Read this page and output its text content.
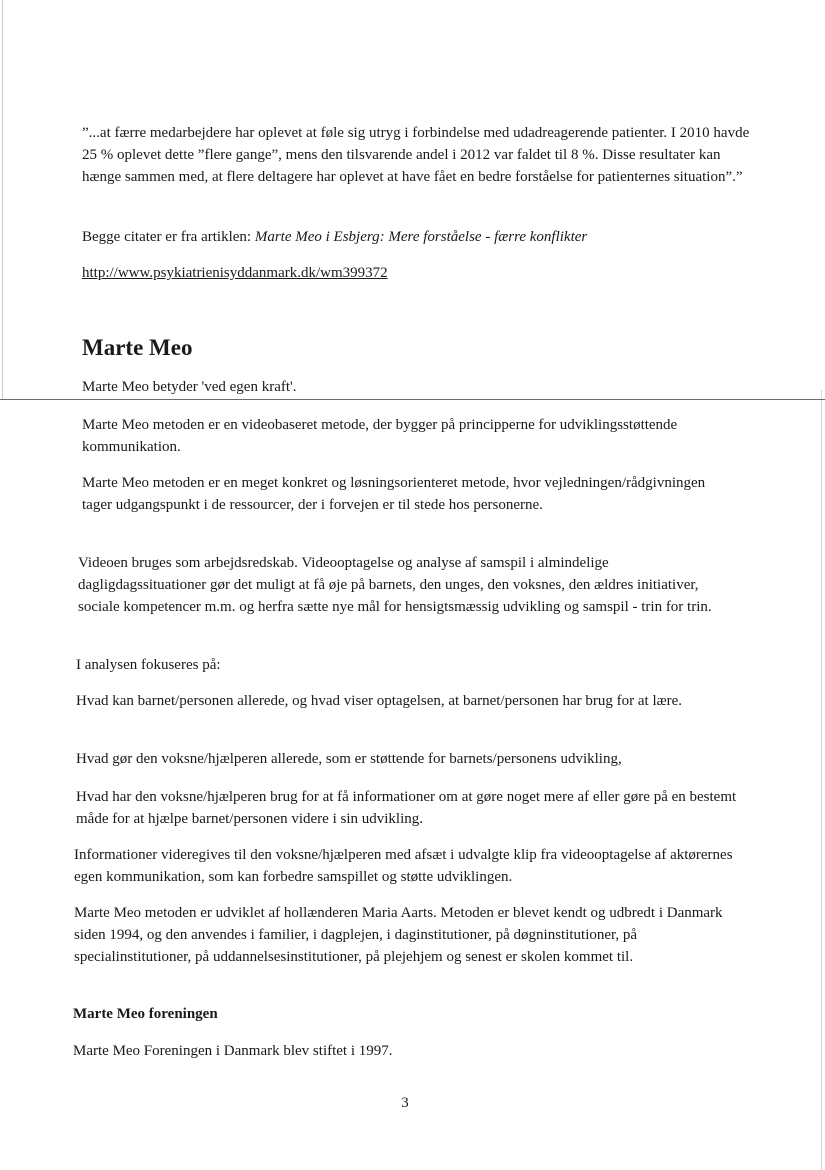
”...at færre medarbejdere har oplevet at føle sig utryg i forbindelse med udadreagerende patienter. I 2010 havde 25 % oplevet dette ”flere gange”, mens den tilsvarende andel i 2012 var faldet til 8 %. Disse resultater kan hænge sammen med, at flere deltagere har oplevet at have fået en bedre forståelse for patienternes situation”.”

Begge citater er fra artiklen: Marte Meo i Esbjerg: Mere forståelse - færre konflikter

http://www.psykiatrienisyddanmark.dk/wm399372

Marte Meo

Marte Meo betyder 'ved egen kraft'.

Marte Meo metoden er en videobaseret metode, der bygger på principperne for udviklingsstøttende kommunikation.

Marte Meo metoden er en meget konkret og løsningsorienteret metode, hvor vejledningen/rådgivningen tager udgangspunkt i de ressourcer, der i forvejen er til stede hos personerne.

Videoen bruges som arbejdsredskab. Videooptagelse og analyse af samspil i almindelige dagligdagssituationer gør det muligt at få øje på barnets, den unges, den voksnes, den ældres initiativer, sociale kompetencer m.m. og herfra sætte nye mål for hensigtsmæssig udvikling og samspil - trin for trin.

I analysen fokuseres på:

Hvad kan barnet/personen allerede, og hvad viser optagelsen, at barnet/personen har brug for at lære.

Hvad gør den voksne/hjælperen allerede, som er støttende for barnets/personens udvikling,

Hvad har den voksne/hjælperen brug for at få informationer om at gøre noget mere af eller gøre på en bestemt måde for at hjælpe barnet/personen videre i sin udvikling.

Informationer videregives til den voksne/hjælperen med afsæt i udvalgte klip fra videooptagelse af aktørernes egen kommunikation, som kan forbedre samspillet og støtte udviklingen.

Marte Meo metoden er udviklet af hollænderen Maria Aarts. Metoden er blevet kendt og udbredt i Danmark siden 1994, og den anvendes i familier, i dagplejen, i daginstitutioner, på døgninstitutioner, på specialinstitutioner, på uddannelsesinstitutioner, på plejehjem og senest er skolen kommet til.

Marte Meo foreningen

Marte Meo Foreningen i Danmark blev stiftet i 1997.

3
